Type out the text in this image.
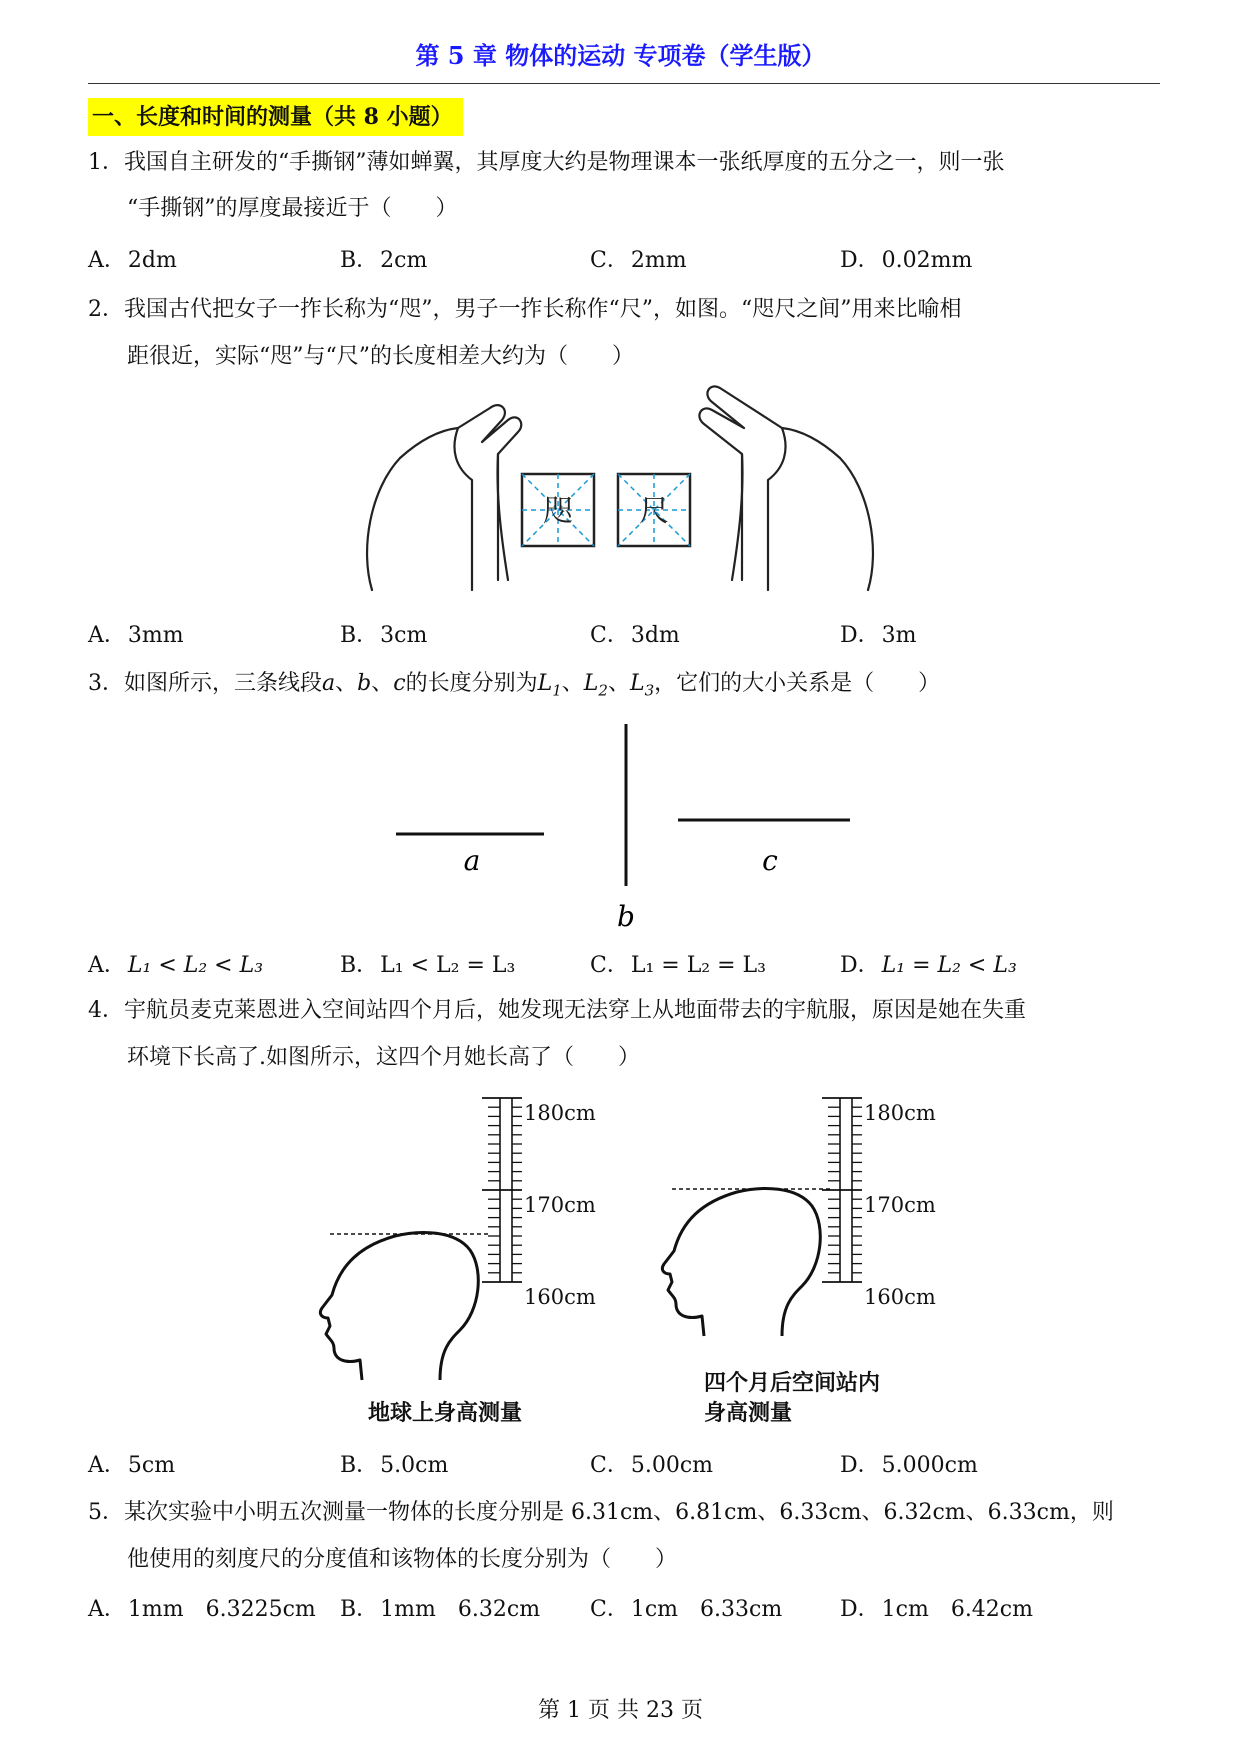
第 5 章 物体的运动 专项卷（学生版）
一、长度和时间的测量（共 8 小题）
1．我国自主研发的“手撕钢”薄如蝉翼，其厚度大约是物理课本一张纸厚度的五分之一，则一张
“手撕钢”的厚度最接近于（　　）
A．2dm	B．2cm	C．2mm	D．0.02mm
2．我国古代把女子一拃长称为“咫”，男子一拃长称作“尺”，如图。“咫尺之间”用来比喻相
距很近，实际“咫”与“尺”的长度相差大约为（　　）
咫 尺
A．3mm	B．3cm	C．3dm	D．3m
3．如图所示，三条线段a、b、c的长度分别为$L_1$、$L_2$、$L_3$，它们的大小关系是（　　）
a
b
c
A．L₁ < L₂ < L₃	B．L₁ < L₂ = L₃	C．L₁ = L₂ = L₃	D．L₁ = L₂ < L₃
4．宇航员麦克莱恩进入空间站四个月后，她发现无法穿上从地面带去的宇航服，原因是她在失重
环境下长高了.如图所示，这四个月她长高了（　　）
180cm
170cm
160cm
180cm
170cm
160cm
地球上身高测量
四个月后空间站内
身高测量
A．5cm	B．5.0cm	C．5.00cm	D．5.000cm
5．某次实验中小明五次测量一物体的长度分别是 6.31cm、6.81cm、6.33cm、6.32cm、6.33cm，则
他使用的刻度尺的分度值和该物体的长度分别为（　　）
A．1mm　6.3225cm B．1mm　6.32cm C．1cm　6.33cm	D．1cm　6.42cm
第 1 页 共 23 页
